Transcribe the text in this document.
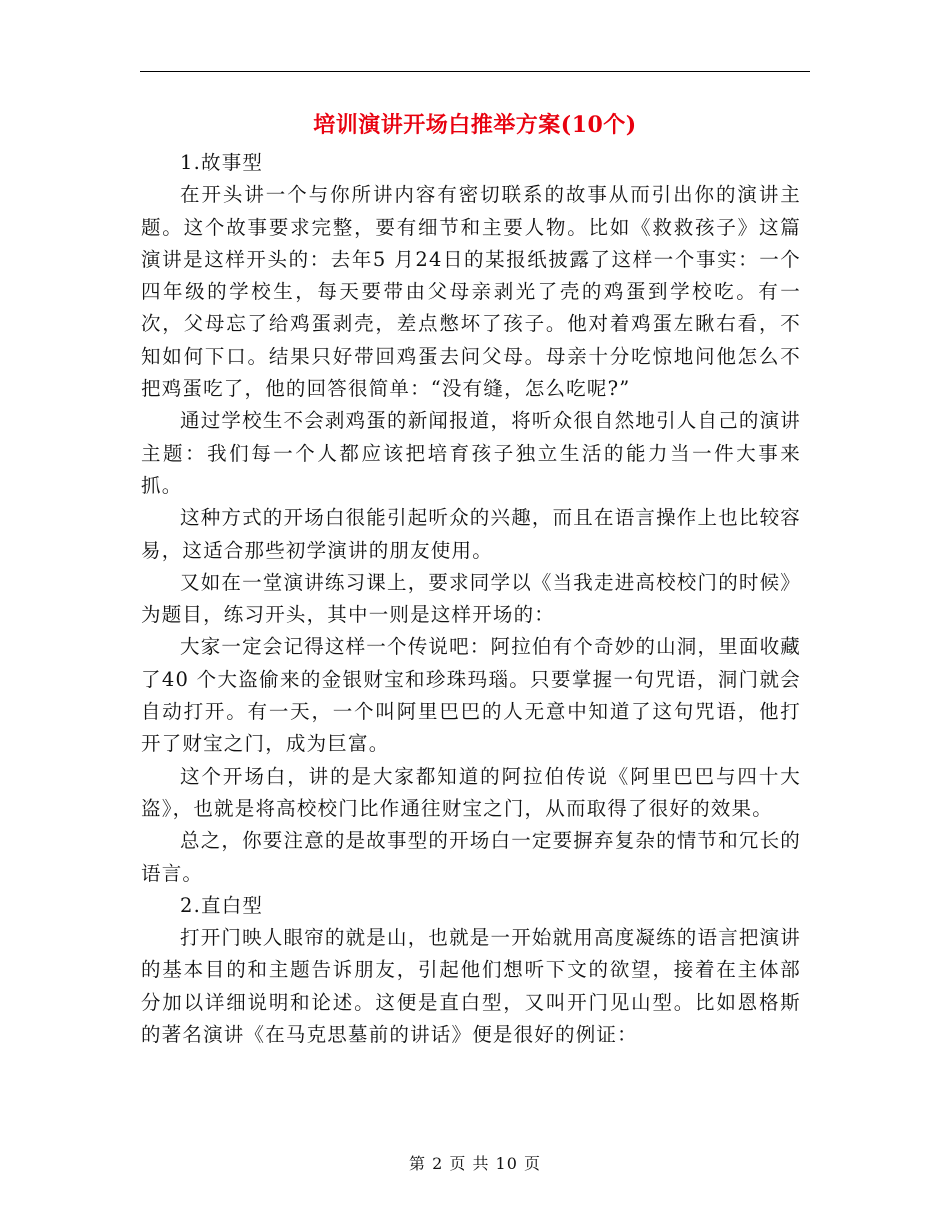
培训演讲开场白推举方案(10个)

1.故事型

在开头讲一个与你所讲内容有密切联系的故事从而引出你的演讲主题。这个故事要求完整，要有细节和主要人物。比如《救救孩子》这篇演讲是这样开头的：去年5 月24日的某报纸披露了这样一个事实：一个四年级的学校生，每天要带由父母亲剥光了壳的鸡蛋到学校吃。有一次，父母忘了给鸡蛋剥壳，差点憋坏了孩子。他对着鸡蛋左瞅右看，不知如何下口。结果只好带回鸡蛋去问父母。母亲十分吃惊地问他怎么不把鸡蛋吃了，他的回答很简单：“没有缝，怎么吃呢?”

通过学校生不会剥鸡蛋的新闻报道，将听众很自然地引人自己的演讲主题：我们每一个人都应该把培育孩子独立生活的能力当一件大事来抓。

这种方式的开场白很能引起听众的兴趣，而且在语言操作上也比较容易，这适合那些初学演讲的朋友使用。

又如在一堂演讲练习课上，要求同学以《当我走进高校校门的时候》为题目，练习开头，其中一则是这样开场的：

大家一定会记得这样一个传说吧：阿拉伯有个奇妙的山洞，里面收藏了40 个大盗偷来的金银财宝和珍珠玛瑙。只要掌握一句咒语，洞门就会自动打开。有一天，一个叫阿里巴巴的人无意中知道了这句咒语，他打开了财宝之门，成为巨富。

这个开场白，讲的是大家都知道的阿拉伯传说《阿里巴巴与四十大盗》，也就是将高校校门比作通往财宝之门，从而取得了很好的效果。

总之，你要注意的是故事型的开场白一定要摒弃复杂的情节和冗长的语言。

2.直白型

打开门映人眼帘的就是山，也就是一开始就用高度凝练的语言把演讲的基本目的和主题告诉朋友，引起他们想听下文的欲望，接着在主体部分加以详细说明和论述。这便是直白型，又叫开门见山型。比如恩格斯的著名演讲《在马克思墓前的讲话》便是很好的例证：

第 2 页 共 10 页
